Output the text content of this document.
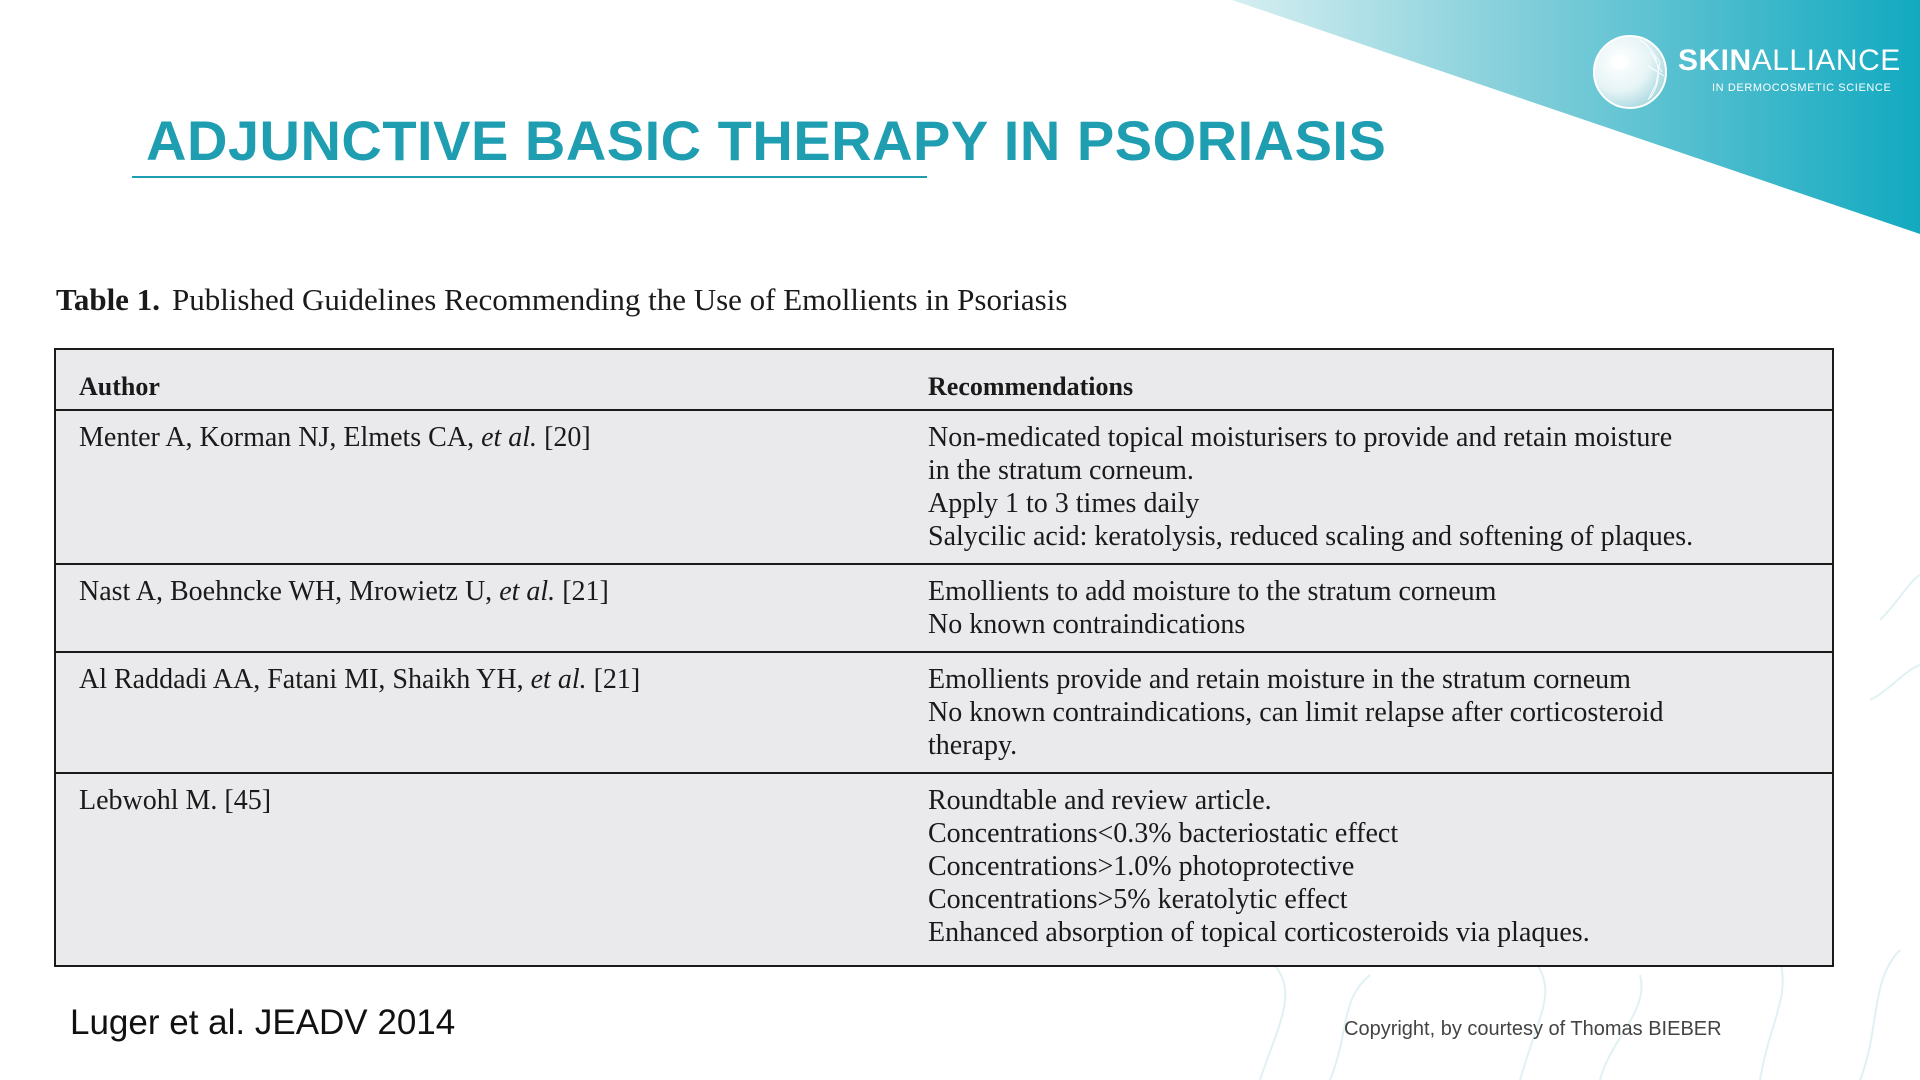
SKINALLIANCE
IN DERMOCOSMETIC SCIENCE
ADJUNCTIVE BASIC THERAPY IN PSORIASIS
Table 1. Published Guidelines Recommending the Use of Emollients in Psoriasis
Author	Recommendations
Menter A, Korman NJ, Elmets CA, et al. [20]	Non-medicated topical moisturisers to provide and retain moisture
in the stratum corneum.
Apply 1 to 3 times daily
Salycilic acid: keratolysis, reduced scaling and softening of plaques.

Nast A, Boehncke WH, Mrowietz U, et al. [21]	Emollients to add moisture to the stratum corneum
No known contraindications

Al Raddadi AA, Fatani MI, Shaikh YH, et al. [21]	Emollients provide and retain moisture in the stratum corneum
No known contraindications, can limit relapse after corticosteroid
therapy.

Lebwohl M. [45]	Roundtable and review article.
Concentrations<0.3% bacteriostatic effect
Concentrations>1.0% photoprotective
Concentrations>5% keratolytic effect
Enhanced absorption of topical corticosteroids via plaques.
Luger et al. JEADV 2014	Copyright, by courtesy of Thomas BIEBER
